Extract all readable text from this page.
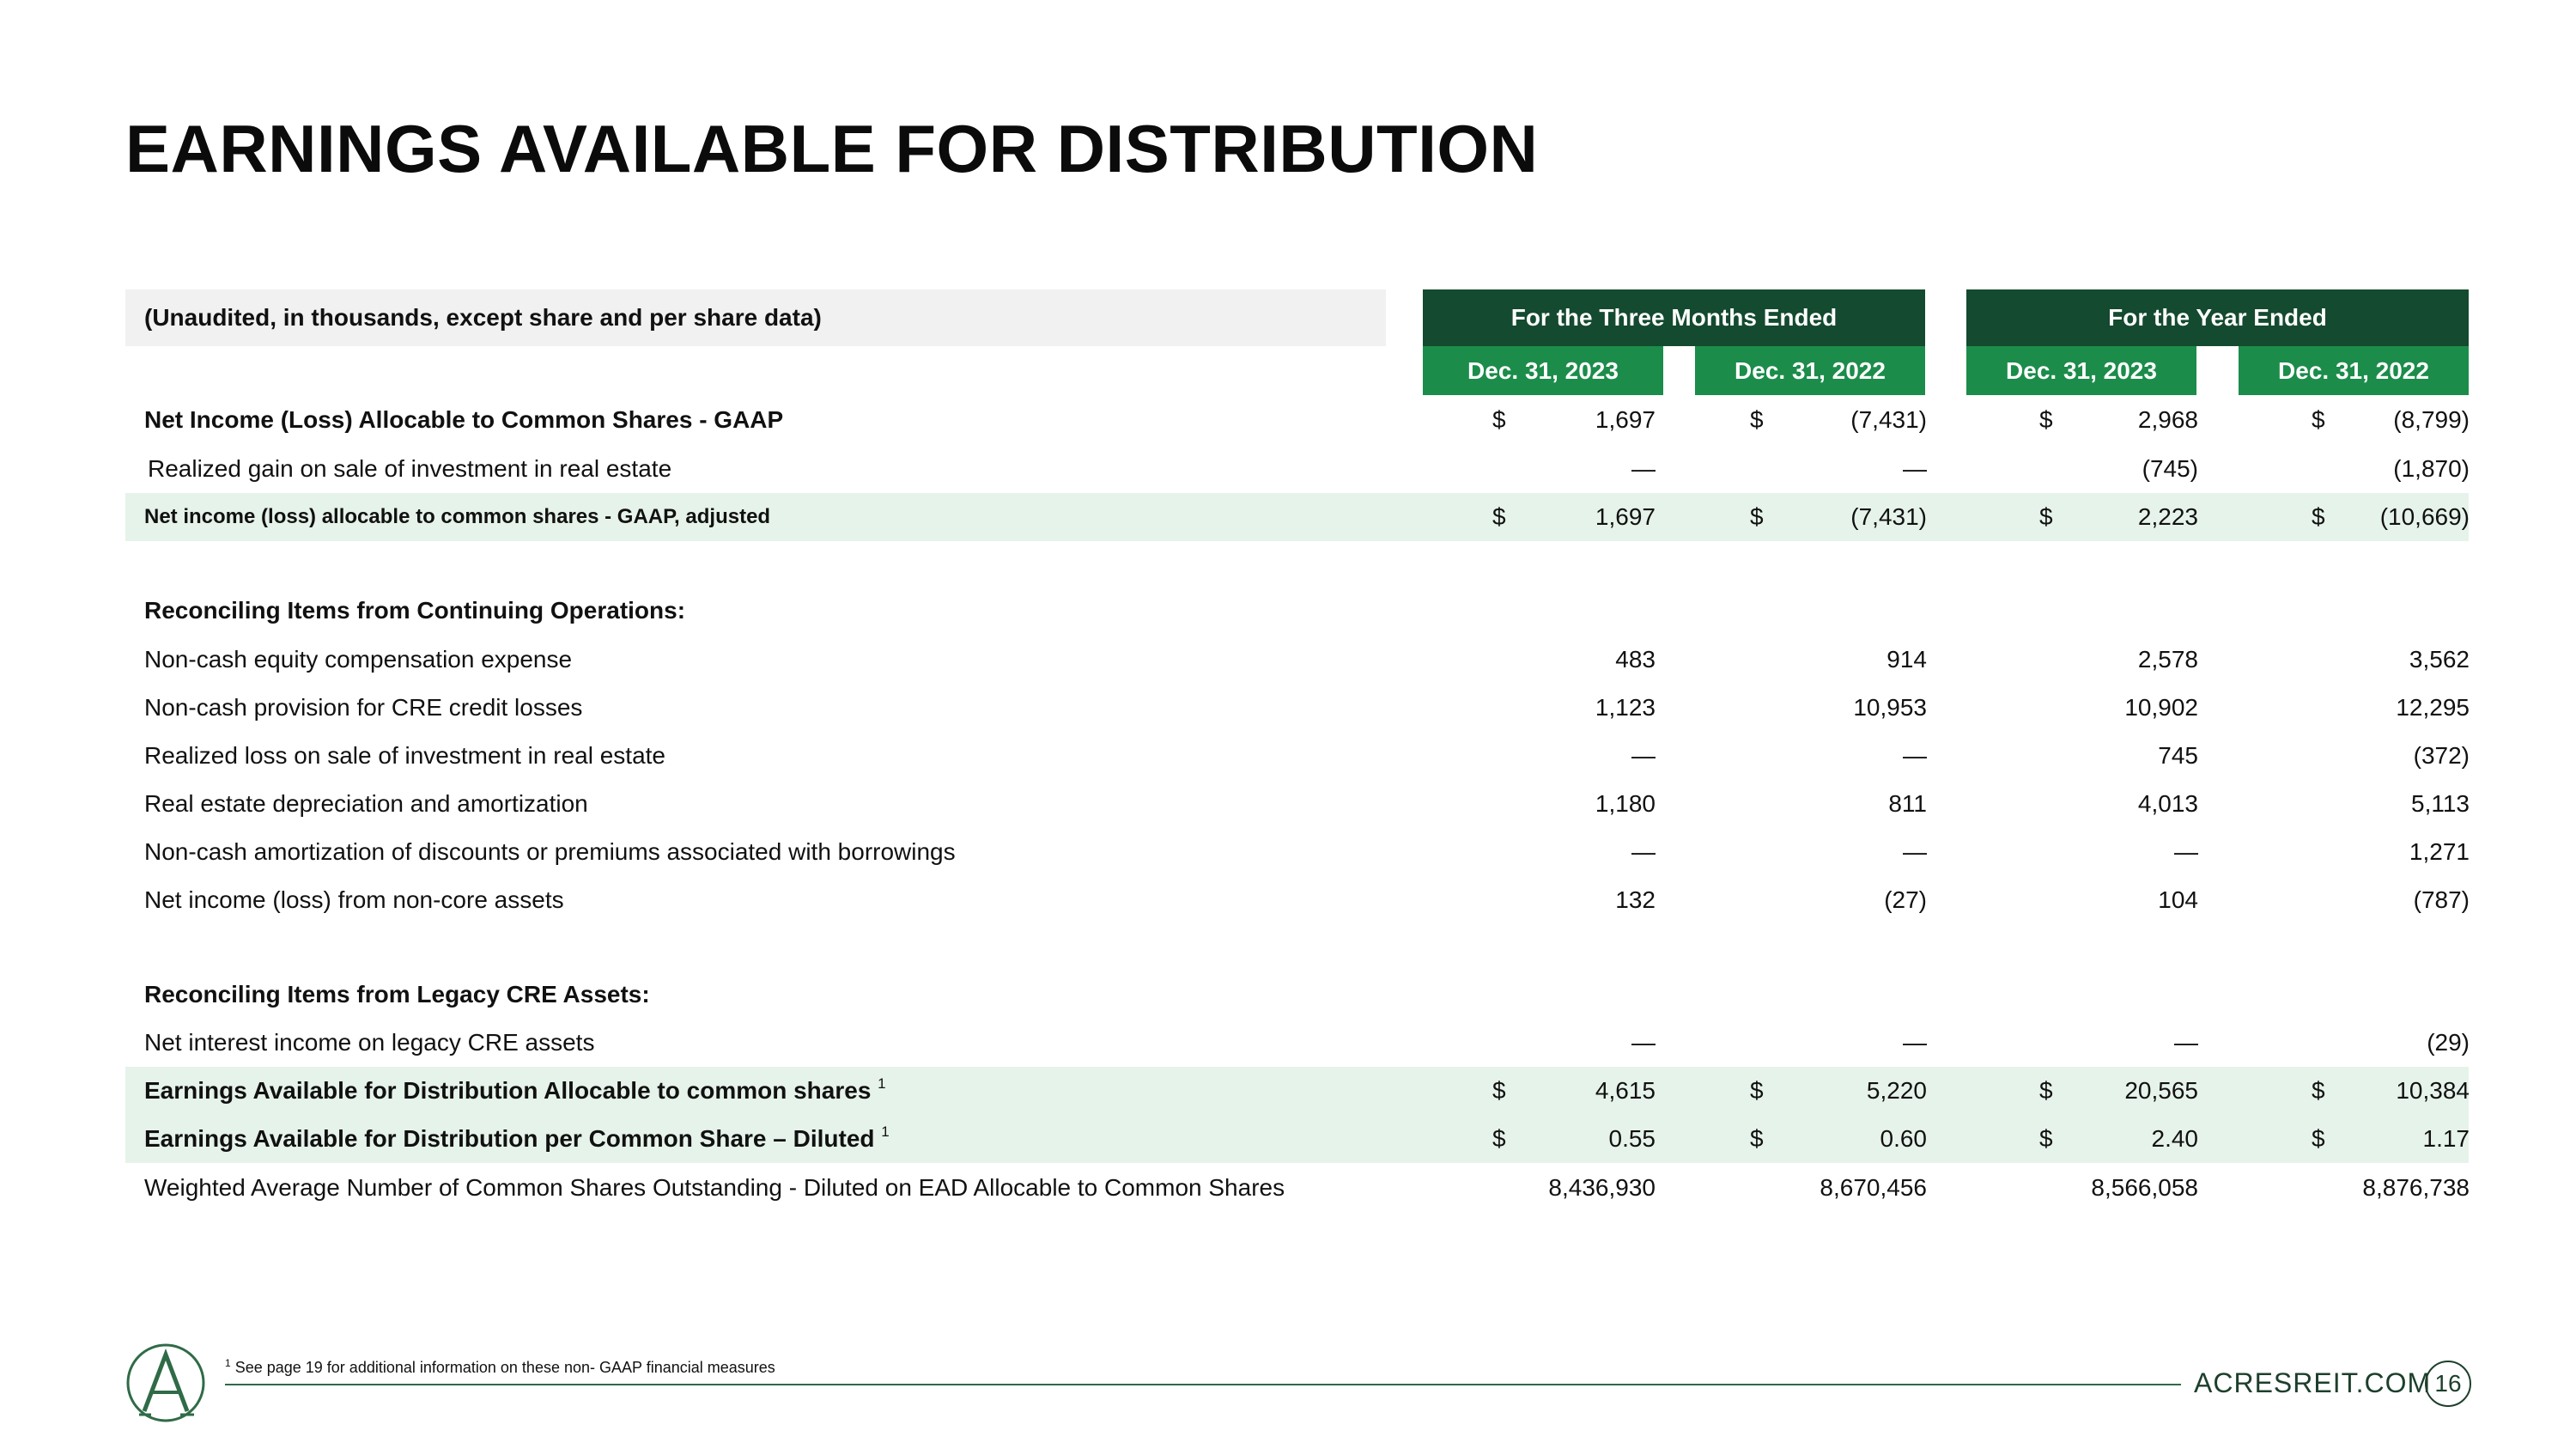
EARNINGS AVAILABLE FOR DISTRIBUTION
(Unaudited, in thousands, except share and per share data)	For the Three Months Ended	For the Year Ended
Dec. 31, 2023	Dec. 31, 2022	Dec. 31, 2023	Dec. 31, 2022
Net Income (Loss) Allocable to Common Shares - GAAP	$	1,697	$	(7,431)	$	2,968	$	(8,799)
Realized gain on sale of investment in real estate	—	—	(745)	(1,870)
Net income (loss) allocable to common shares - GAAP, adjusted	$	1,697	$	(7,431)	$	2,223	$	(10,669)
Reconciling Items from Continuing Operations:
Non-cash equity compensation expense	483	914	2,578	3,562
Non-cash provision for CRE credit losses	1,123	10,953	10,902	12,295
Realized loss on sale of investment in real estate	—	—	745	(372)
Real estate depreciation and amortization	1,180	811	4,013	5,113
Non-cash amortization of discounts or premiums associated with borrowings	—	—	—	1,271
Net income (loss) from non-core assets	132	(27)	104	(787)
Reconciling Items from Legacy CRE Assets:
Net interest income on legacy CRE assets	—	—	—	(29)
Earnings Available for Distribution Allocable to common shares $^1$	$	4,615	$	5,220	$	20,565	$	10,384
Earnings Available for Distribution per Common Share – Diluted $^1$	$	0.55	$	0.60	$	2.40	$	1.17
Weighted Average Number of Common Shares Outstanding - Diluted on EAD Allocable to Common Shares	8,436,930	8,670,456	8,566,058	8,876,738
$^1$ See page 19 for additional information on these non- GAAP financial measures	ACRESREIT.COM 16
